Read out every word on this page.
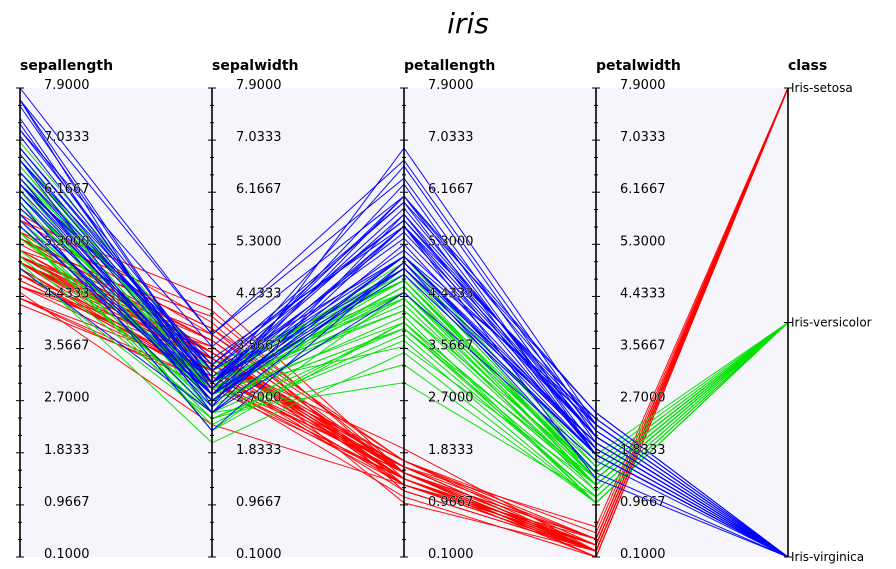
iris
sepallength
7.9000
7.0333
6.1667
5.3000
4.4333
3.5667
2.7000
1.8333
0.9667
0.1000
sepalwidth
7.9000
7.0333
6.1667
5.3000
4.4333
3.5667
2.7000
1.8333
0.9667
0.1000
petallength
7.9000
7.0333
6.1667
5.3000
4.4333
3.5667
2.7000
1.8333
0.9667
0.1000
petalwidth
7.9000
7.0333
6.1667
5.3000
4.4333
3.5667
2.7000
1.8333
0.9667
0.1000
class
Iris-setosa
Iris-versicolor
Iris-virginica
